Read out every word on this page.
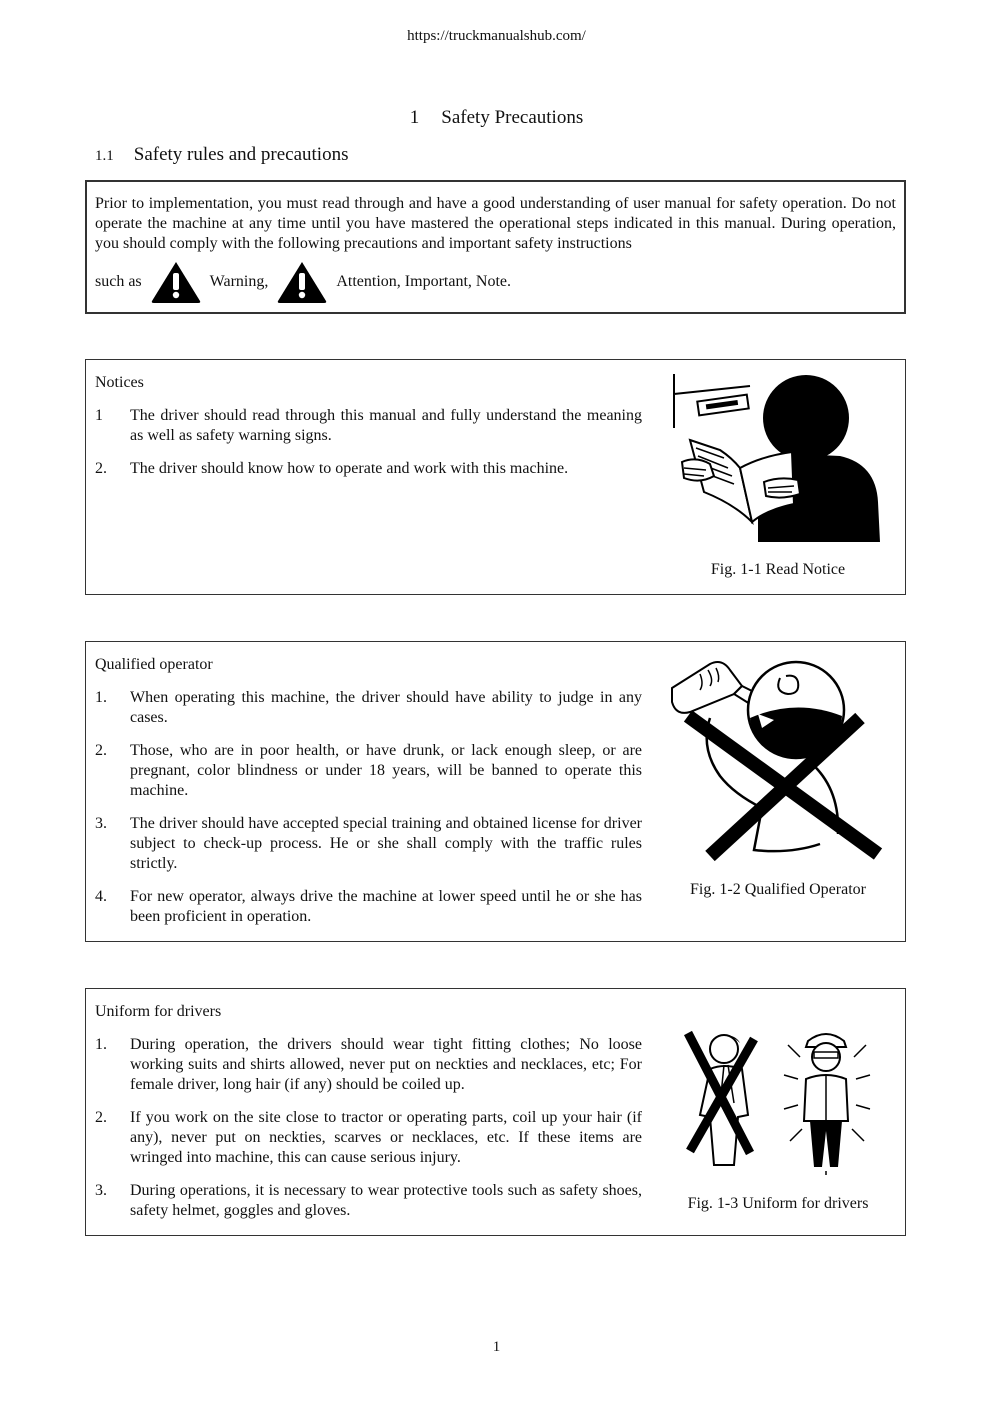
https://truckmanualshub.com/
1 Safety Precautions
1.1 Safety rules and precautions

Prior to implementation, you must read through and have a good understanding of user manual for safety operation. Do not operate the machine at any time until you have mastered the operational steps indicated in this manual. During operation, you should comply with the following precautions and important safety instructions

such as	Warning,	Attention, Important, Note.
Notices
1	The driver should read through this manual and fully understand the meaning as well as safety warning signs.
2.	The driver should know how to operate and work with this machine.
Fig. 1-1 Read Notice
Qualified operator
1.	When operating this machine, the driver should have ability to judge in any cases.
2.	Those, who are in poor health, or have drunk, or lack enough sleep, or are pregnant, color blindness or under 18 years, will be banned to operate this machine.
3.	The driver should have accepted special training and obtained license for driver subject to check-up process. He or she shall comply with the traffic rules strictly.
4.	For new operator, always drive the machine at lower speed until he or she has been proficient in operation.
Fig. 1-2 Qualified Operator
Uniform for drivers
1.	During operation, the drivers should wear tight fitting clothes; No loose working suits and shirts allowed, never put on neckties and necklaces, etc; For female driver, long hair (if any) should be coiled up.
2.	If you work on the site close to tractor or operating parts, coil up your hair (if any), never put on neckties, scarves or necklaces, etc. If these items are wringed into machine, this can cause serious injury.
3.	During operations, it is necessary to wear protective tools such as safety shoes, safety helmet, goggles and gloves.	Fig. 1-3 Uniform for drivers
1
